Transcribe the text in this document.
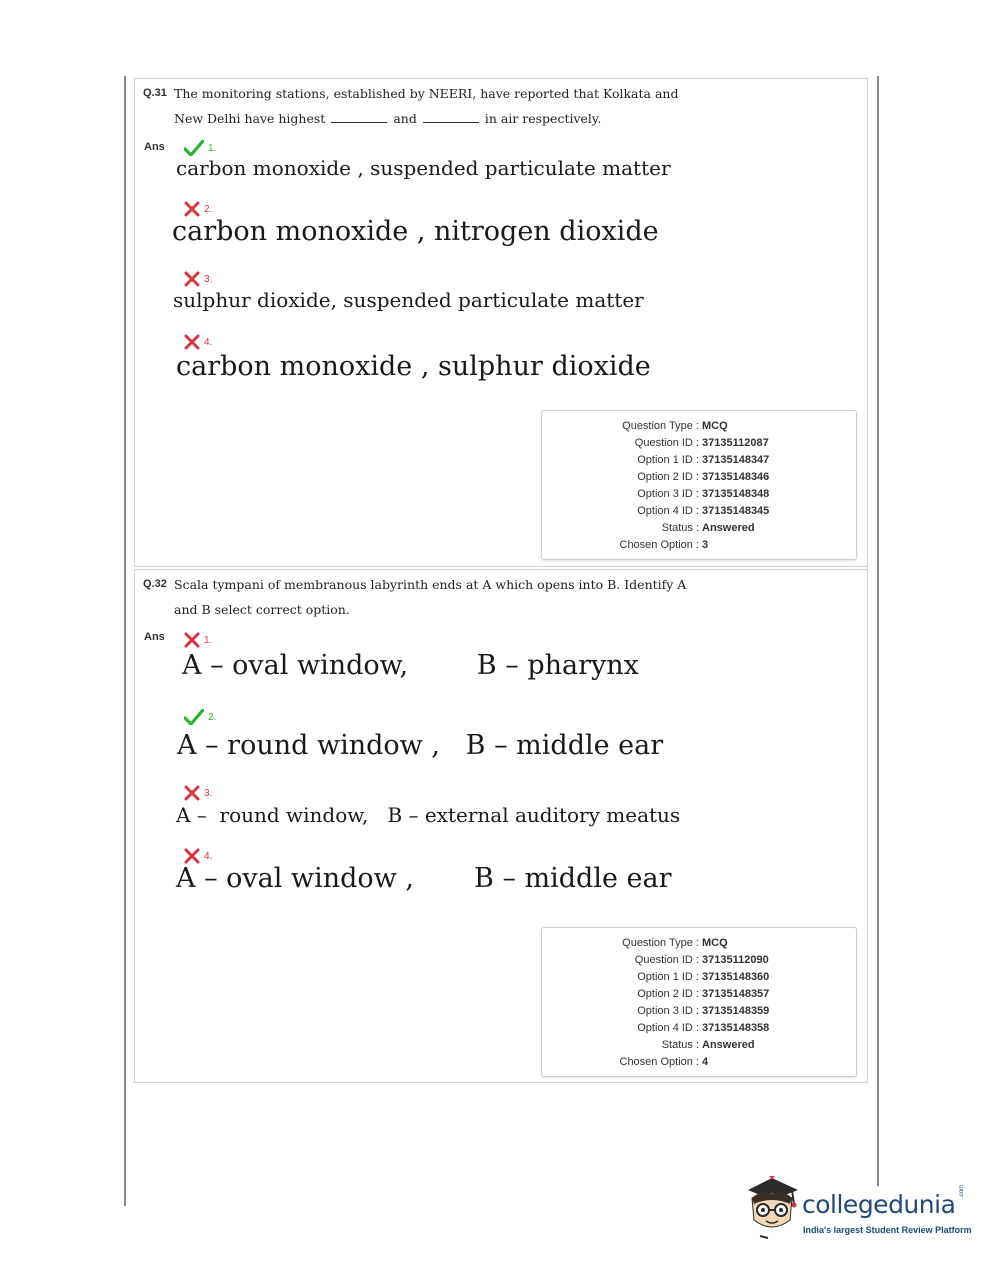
Q.31 The monitoring stations, established by NEERI, have reported that Kolkata and
New Delhi have highest	and	in air respectively.
Ans	1.
carbon monoxide , suspended particulate matter
2.
carbon monoxide , nitrogen dioxide
3.
sulphur dioxide, suspended particulate matter
4.
carbon monoxide , sulphur dioxide
Question Type : MCQ
Question ID : 37135112087
Option 1 ID : 37135148347
Option 2 ID : 37135148346
Option 3 ID : 37135148348
Option 4 ID : 37135148345
Status : Answered
Chosen Option : 3
Q.32 Scala tympani of membranous labyrinth ends at A which opens into B. Identify A
and B select correct option.
Ans	1.
A – oval window,        B – pharynx
2.
A – round window ,   B – middle ear
3.
A –  round window,   B – external auditory meatus
4.
A – oval window ,       B – middle ear
Question Type : MCQ
Question ID : 37135112090
Option 1 ID : 37135148360
Option 2 ID : 37135148357
Option 3 ID : 37135148359
Option 4 ID : 37135148358
Status : Answered
Chosen Option : 4
collegedunia .com
India's largest Student Review Platform
